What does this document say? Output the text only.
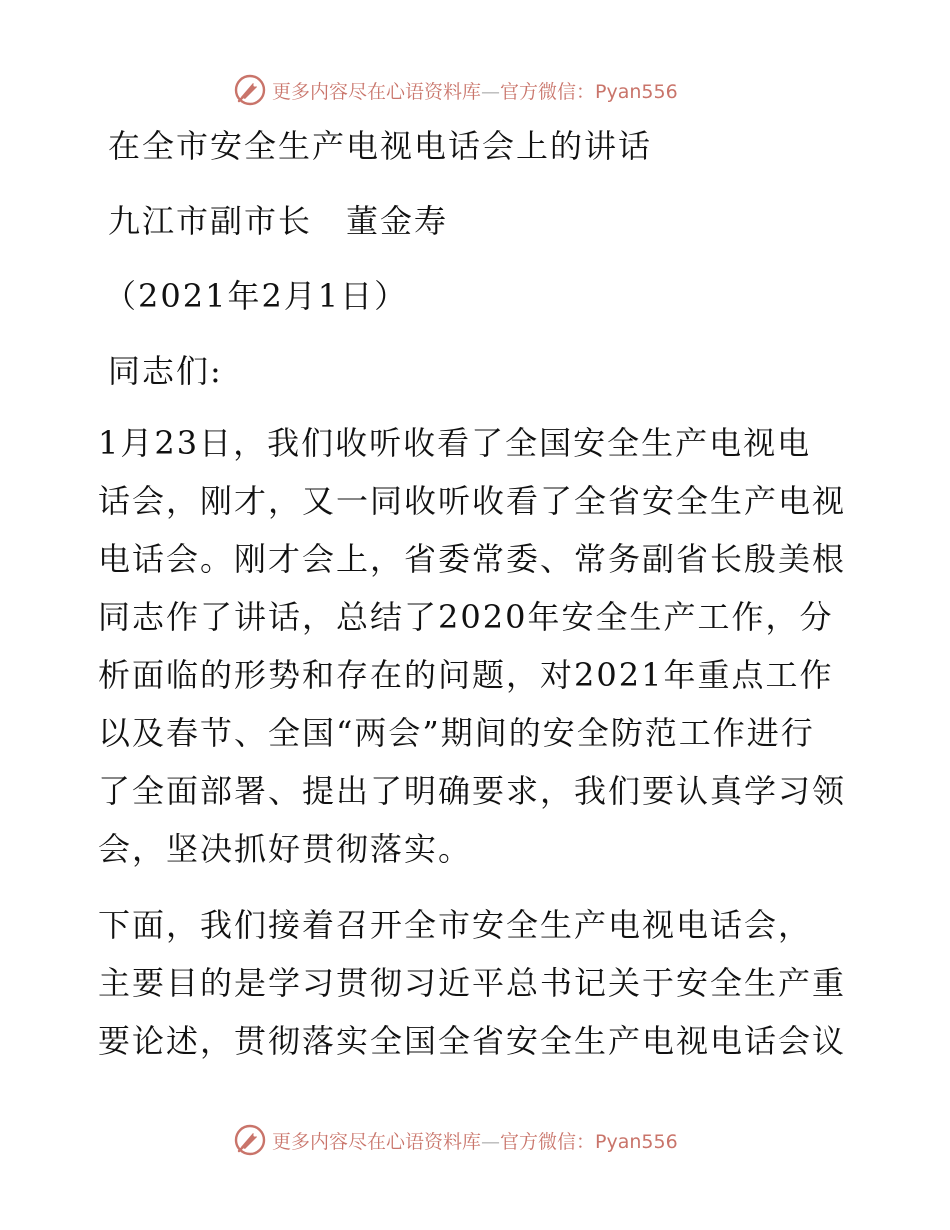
更多内容尽在心语资料库—官方微信：Pyan556
在全市安全生产电视电话会上的讲话
九江市副市长　董金寿
（2021年2月1日）
同志们:
1月23日，我们收听收看了全国安全生产电视电
话会，刚才，又一同收听收看了全省安全生产电视
电话会。刚才会上，省委常委、常务副省长殷美根
同志作了讲话，总结了2020年安全生产工作，分
析面临的形势和存在的问题，对2021年重点工作
以及春节、全国“两会”期间的安全防范工作进行
了全面部署、提出了明确要求，我们要认真学习领
会，坚决抓好贯彻落实。
下面，我们接着召开全市安全生产电视电话会，
主要目的是学习贯彻习近平总书记关于安全生产重
要论述，贯彻落实全国全省安全生产电视电话会议
更多内容尽在心语资料库—官方微信：Pyan556
